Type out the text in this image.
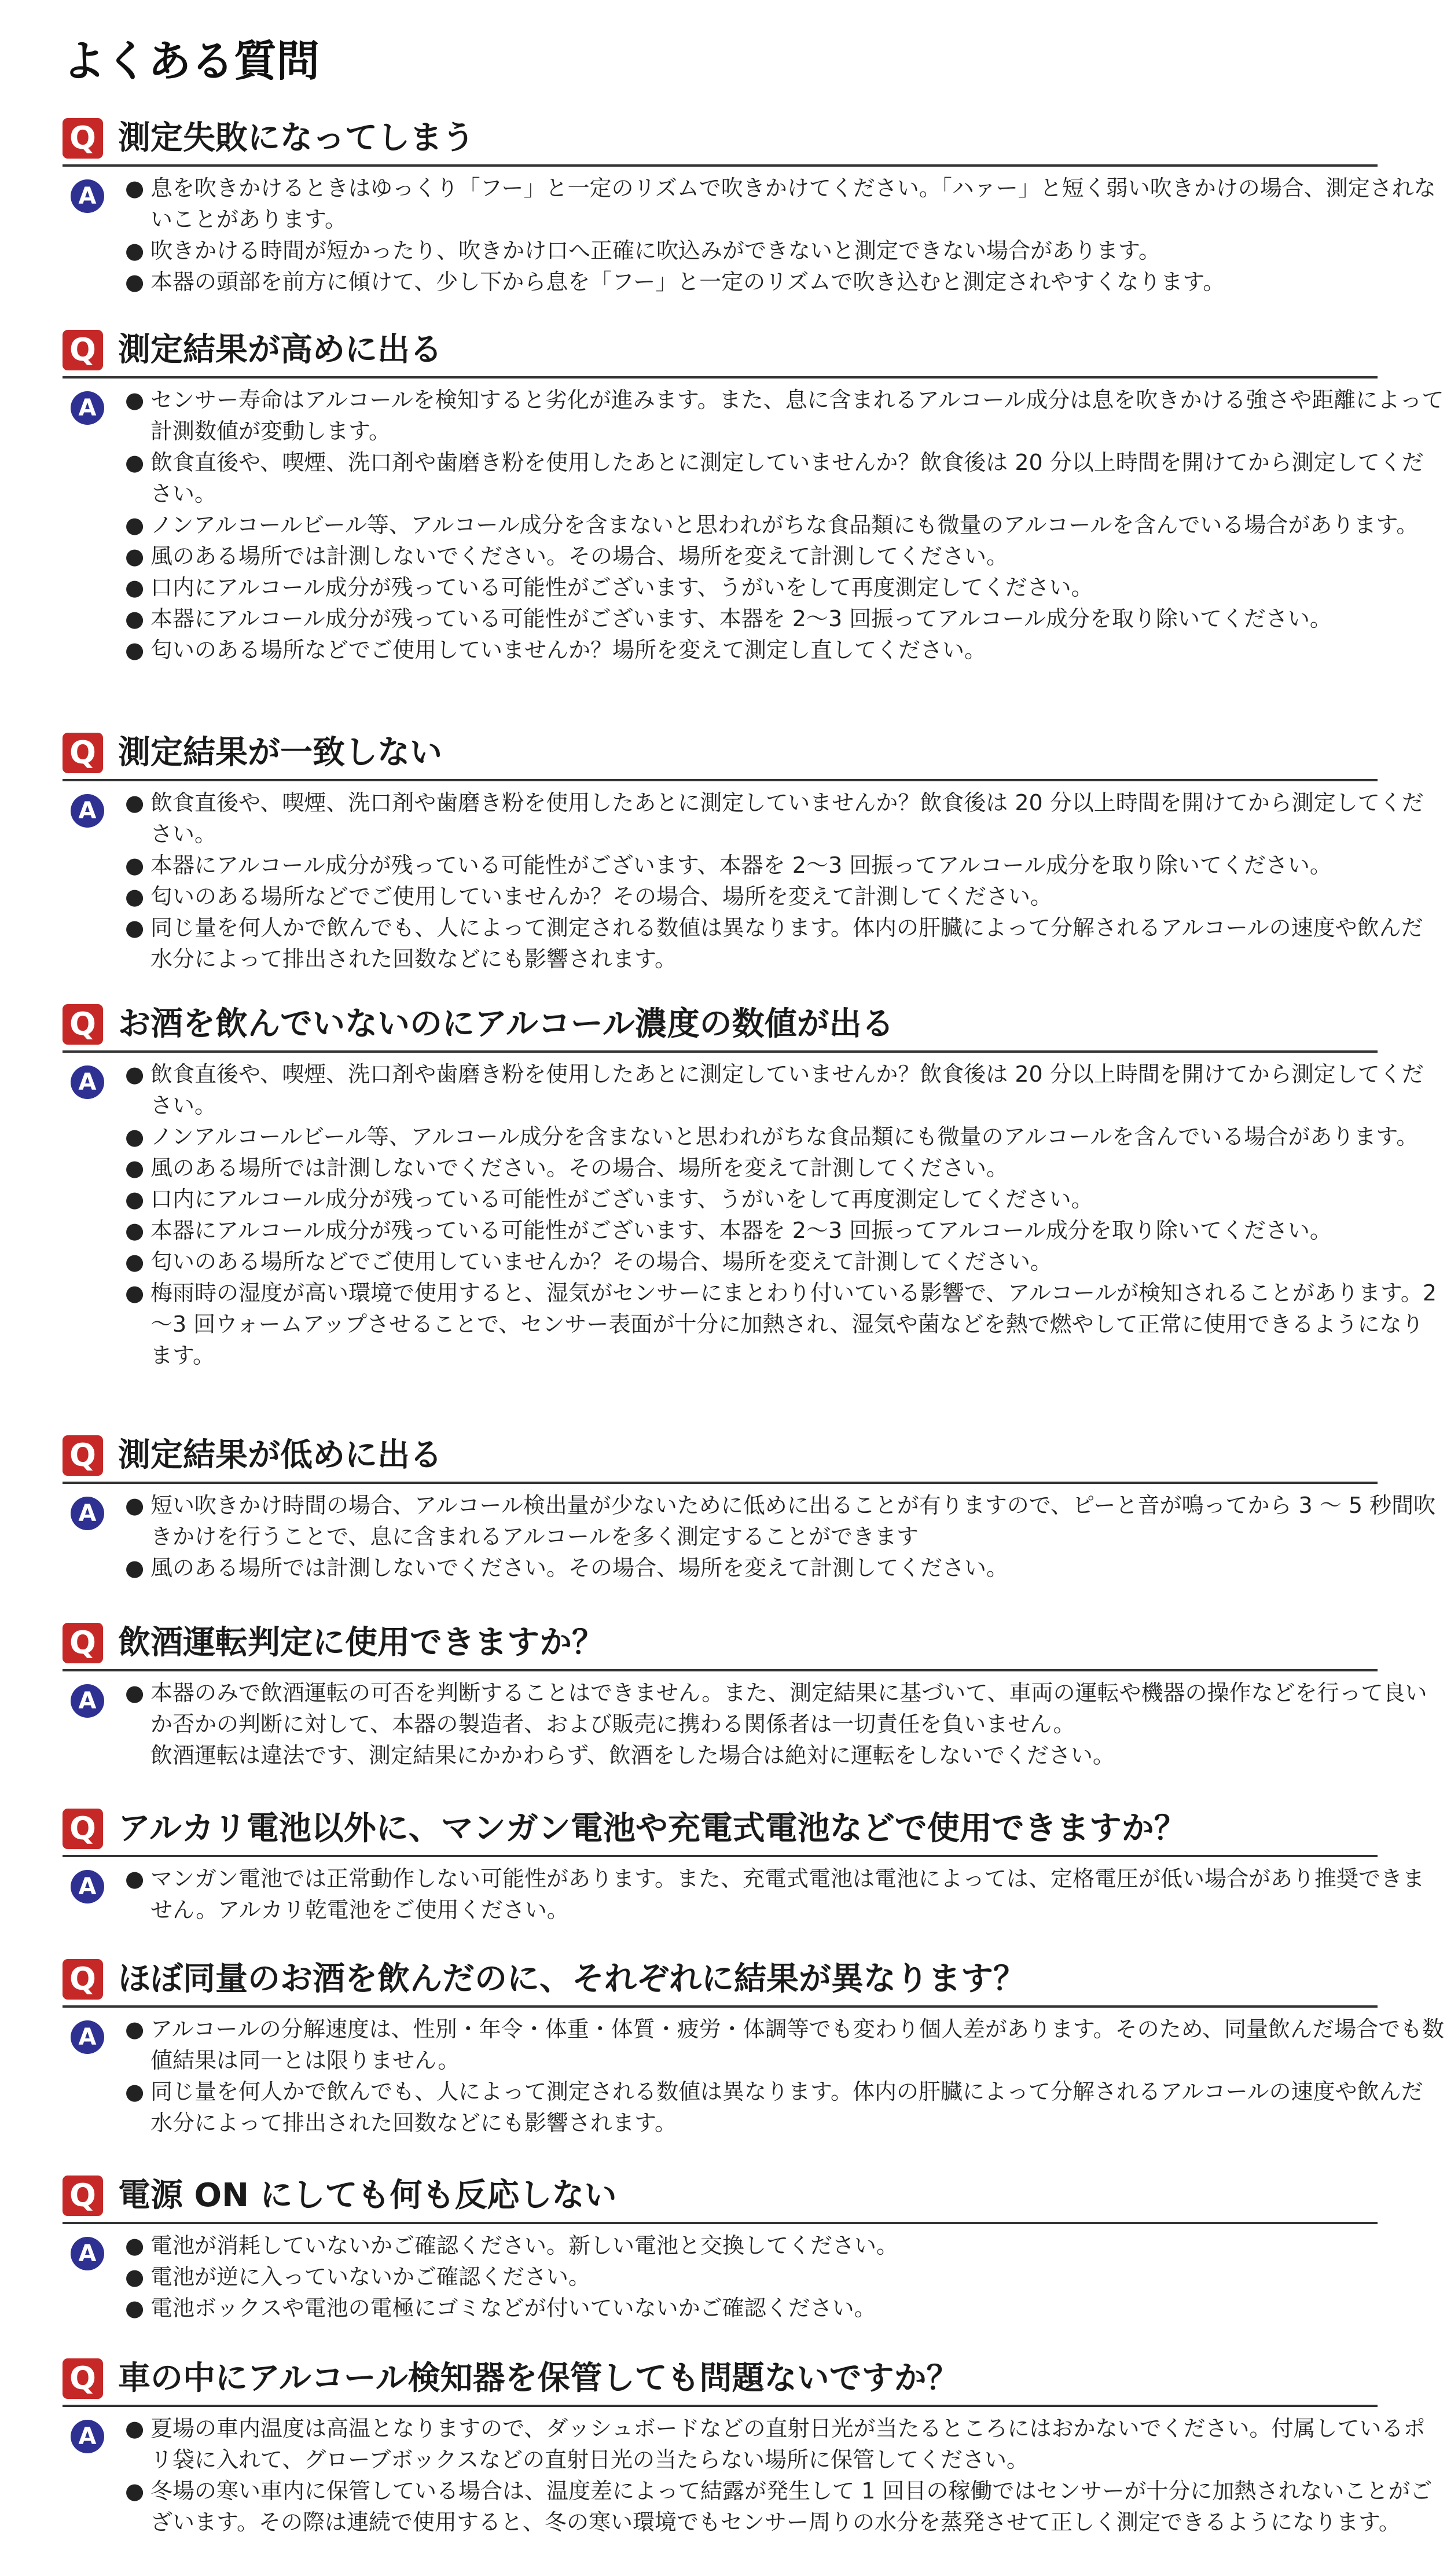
よくある質問
Q 測定失敗になってしまう
A	● 息を吹きかけるときはゆっくり「フー」と一定のリズムで吹きかけてください。「ハァー」と短く弱い吹きかけの場合、測定されないことがあります。
● 吹きかける時間が短かったり、吹きかけ口へ正確に吹込みができないと測定できない場合があります。
● 本器の頭部を前方に傾けて、少し下から息を「フー」と一定のリズムで吹き込むと測定されやすくなります。
Q 測定結果が高めに出る
A	● センサー寿命はアルコールを検知すると劣化が進みます。また、息に含まれるアルコール成分は息を吹きかける強さや距離によって計測数値が変動します。
● 飲食直後や、喫煙、洗口剤や歯磨き粉を使用したあとに測定していませんか？飲食後は 20 分以上時間を開けてから測定してください。
● ノンアルコールビール等、アルコール成分を含まないと思われがちな食品類にも微量のアルコールを含んでいる場合があります。
● 風のある場所では計測しないでください。その場合、場所を変えて計測してください。
● 口内にアルコール成分が残っている可能性がございます、うがいをして再度測定してください。
● 本器にアルコール成分が残っている可能性がございます、本器を 2～3 回振ってアルコール成分を取り除いてください。
● 匂いのある場所などでご使用していませんか？場所を変えて測定し直してください。
Q 測定結果が一致しない
A	● 飲食直後や、喫煙、洗口剤や歯磨き粉を使用したあとに測定していませんか？飲食後は 20 分以上時間を開けてから測定してください。
● 本器にアルコール成分が残っている可能性がございます、本器を 2～3 回振ってアルコール成分を取り除いてください。
● 匂いのある場所などでご使用していませんか？その場合、場所を変えて計測してください。
● 同じ量を何人かで飲んでも、人によって測定される数値は異なります。体内の肝臓によって分解されるアルコールの速度や飲んだ水分によって排出された回数などにも影響されます。
Q お酒を飲んでいないのにアルコール濃度の数値が出る
A	● 飲食直後や、喫煙、洗口剤や歯磨き粉を使用したあとに測定していませんか？飲食後は 20 分以上時間を開けてから測定してください。
● ノンアルコールビール等、アルコール成分を含まないと思われがちな食品類にも微量のアルコールを含んでいる場合があります。
● 風のある場所では計測しないでください。その場合、場所を変えて計測してください。
● 口内にアルコール成分が残っている可能性がございます、うがいをして再度測定してください。
● 本器にアルコール成分が残っている可能性がございます、本器を 2～3 回振ってアルコール成分を取り除いてください。
● 匂いのある場所などでご使用していませんか？その場合、場所を変えて計測してください。
● 梅雨時の湿度が高い環境で使用すると、湿気がセンサーにまとわり付いている影響で、アルコールが検知されることがあります。2～3 回ウォームアップさせることで、センサー表面が十分に加熱され、湿気や菌などを熱で燃やして正常に使用できるようになります。
Q 測定結果が低めに出る
A	● 短い吹きかけ時間の場合、アルコール検出量が少ないために低めに出ることが有りますので、ピーと音が鳴ってから 3 ～ 5 秒間吹きかけを行うことで、息に含まれるアルコールを多く測定することができます
● 風のある場所では計測しないでください。その場合、場所を変えて計測してください。
Q 飲酒運転判定に使用できますか？
A	● 本器のみで飲酒運転の可否を判断することはできません。また、測定結果に基づいて、車両の運転や機器の操作などを行って良いか否かの判断に対して、本器の製造者、および販売に携わる関係者は一切責任を負いません。
飲酒運転は違法です、測定結果にかかわらず、飲酒をした場合は絶対に運転をしないでください。
Q アルカリ電池以外に、マンガン電池や充電式電池などで使用できますか？
A	● マンガン電池では正常動作しない可能性があります。また、充電式電池は電池によっては、定格電圧が低い場合があり推奨できません。アルカリ乾電池をご使用ください。
Q ほぼ同量のお酒を飲んだのに、それぞれに結果が異なります？
A	● アルコールの分解速度は、性別・年令・体重・体質・疲労・体調等でも変わり個人差があります。そのため、同量飲んだ場合でも数値結果は同一とは限りません。
● 同じ量を何人かで飲んでも、人によって測定される数値は異なります。体内の肝臓によって分解されるアルコールの速度や飲んだ水分によって排出された回数などにも影響されます。
Q 電源 ON にしても何も反応しない
A	● 電池が消耗していないかご確認ください。新しい電池と交換してください。
● 電池が逆に入っていないかご確認ください。
● 電池ボックスや電池の電極にゴミなどが付いていないかご確認ください。
Q 車の中にアルコール検知器を保管しても問題ないですか？
A	● 夏場の車内温度は高温となりますので、ダッシュボードなどの直射日光が当たるところにはおかないでください。付属しているポリ袋に入れて、グローブボックスなどの直射日光の当たらない場所に保管してください。
● 冬場の寒い車内に保管している場合は、温度差によって結露が発生して 1 回目の稼働ではセンサーが十分に加熱されないことがございます。その際は連続で使用すると、冬の寒い環境でもセンサー周りの水分を蒸発させて正しく測定できるようになります。
